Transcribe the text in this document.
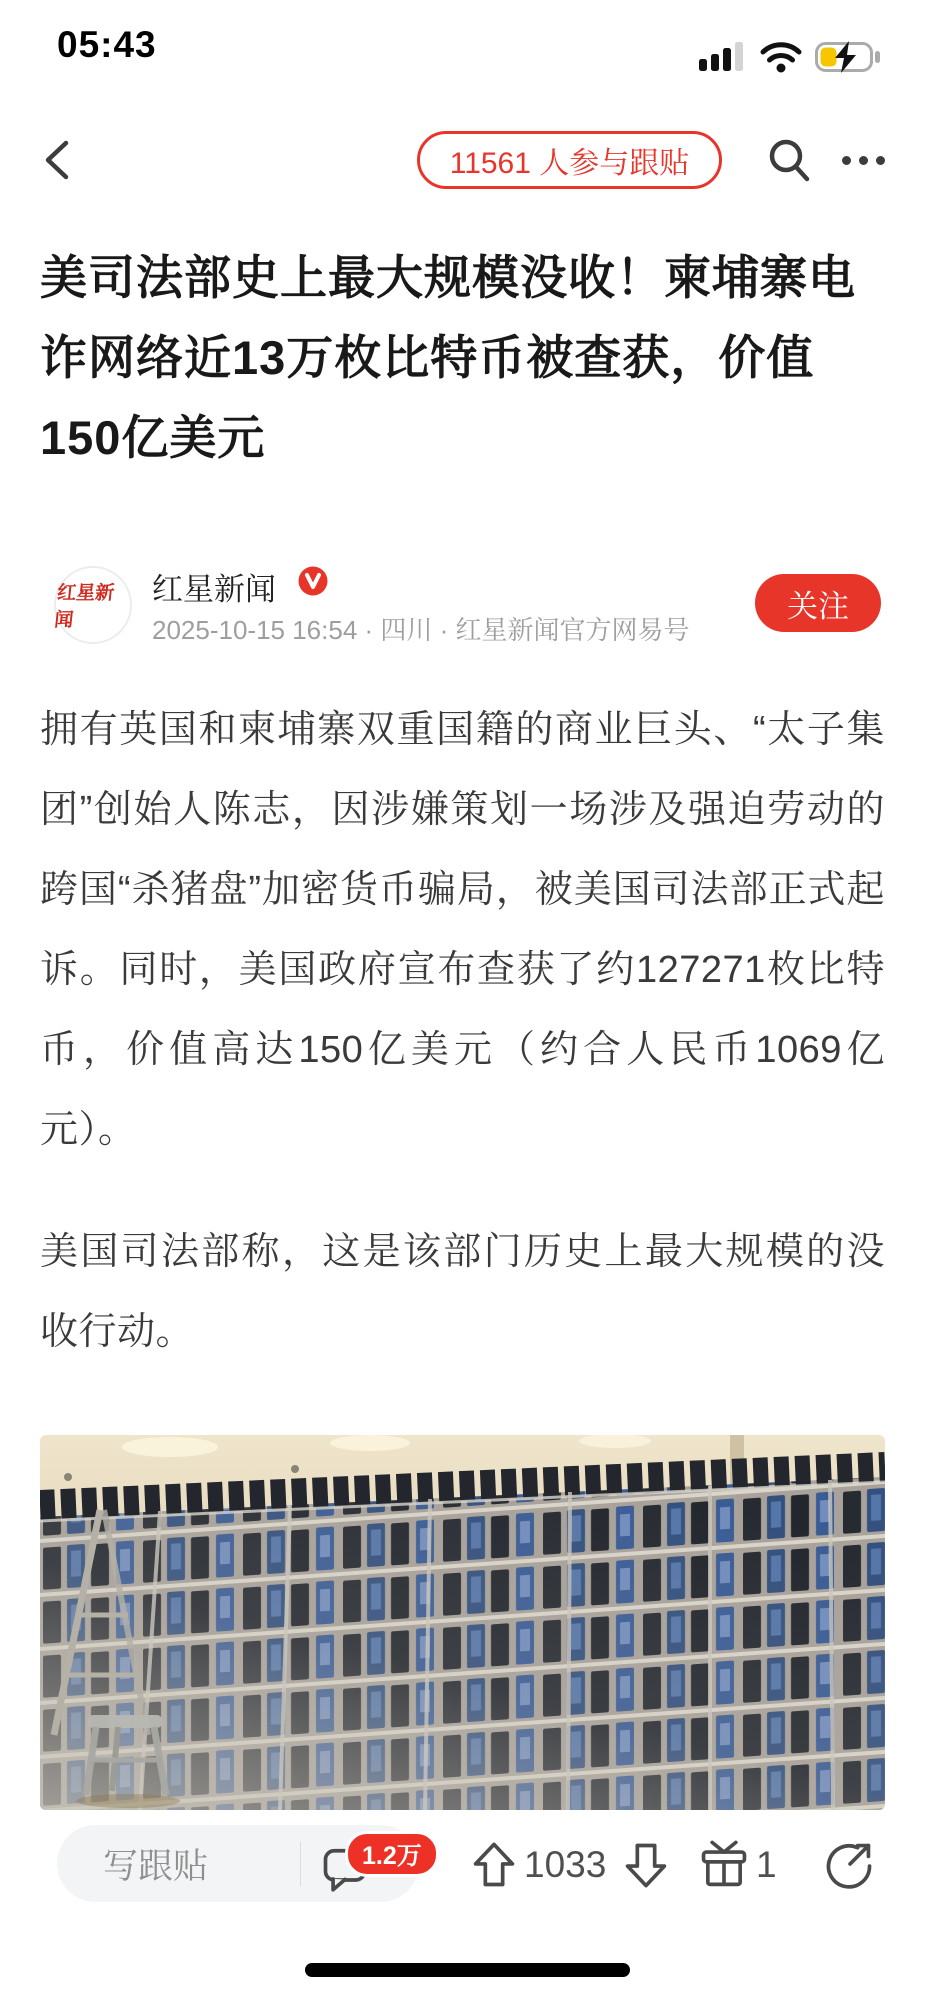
05:43
11561 人参与跟贴
美司法部史上最大规模没收！柬埔寨电诈网络近13万枚比特币被查获，价值150亿美元
红星新闻
红星新闻
2025-10-15 16:54 · 四川 · 红星新闻官方网易号
关注

拥有英国和柬埔寨双重国籍的商业巨头、“太子集团”创始人陈志，因涉嫌策划一场涉及强迫劳动的跨国“杀猪盘”加密货币骗局，被美国司法部正式起诉。同时，美国政府宣布查获了约127271枚比特币，价值高达150亿美元（约合人民币1069亿元）。

美国司法部称，这是该部门历史上最大规模的没收行动。

写跟贴	1.2万	1033	1
